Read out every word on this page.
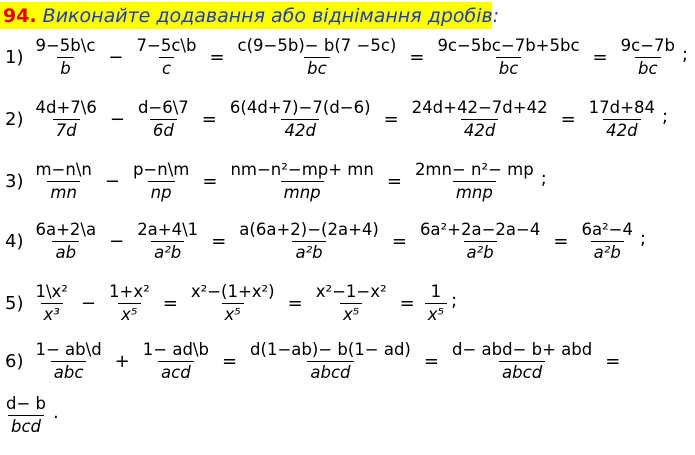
94. Виконайте додавання або віднімання дробів:
$1) \frac{9-5b\backslash c}{b} - \frac{7-5c\backslash b}{c} = \frac{c(9-5b)- b(7 -5c)}{bc} = \frac{9c-5bc-7b+5bc}{bc} = \frac{9c-7b}{bc}$ ;
$2) \frac{4d+7\backslash 6}{7d} - \frac{d-6\backslash 7}{6d} = \frac{6(4d+7)-7(d-6)}{42d} = \frac{24d+42-7d+42}{42d} = \frac{17d+84}{42d}$ ;
$3) \frac{m-n\backslash n}{mn} - \frac{p-n\backslash m}{np} = \frac{\text{nm−n²−mp+ mn}}{\text{mnp}} = \frac{\text{2mn− n²− mp}}{\text{mnp}}$ ;
$4) \frac{6a+2\backslash a}{ab} - \frac{2a+4\backslash 1}{\text{a²b}} = \frac{a(6a+2)-(2a+4)}{\text{a²b}} = \frac{\text{6a²+2a−2a−4}}{\text{a²b}} = \frac{\text{6a²−4}}{\text{a²b}}$ ;
$5) \frac{\text{1\textbackslash{}x²}}{\text{x³}} - \frac{\text{1+x²}}{\text{x⁵}} = \frac{\text{x²−(1+x²)}}{\text{x⁵}} = \frac{\text{x²−1−x²}}{\text{x⁵}} = \frac{1}{\text{x⁵}}$ ;
$6) \frac{1- ab\backslash d}{\text{abc}} + \frac{1- ad\backslash b}{\text{acd}} = \frac{d(1-ab)- b(1- ad)}{\text{abcd}} = \frac{\text{d− abd− b+ abd}}{\text{abcd}}$ =
$\frac{d- b}{\text{bcd}}$ .
